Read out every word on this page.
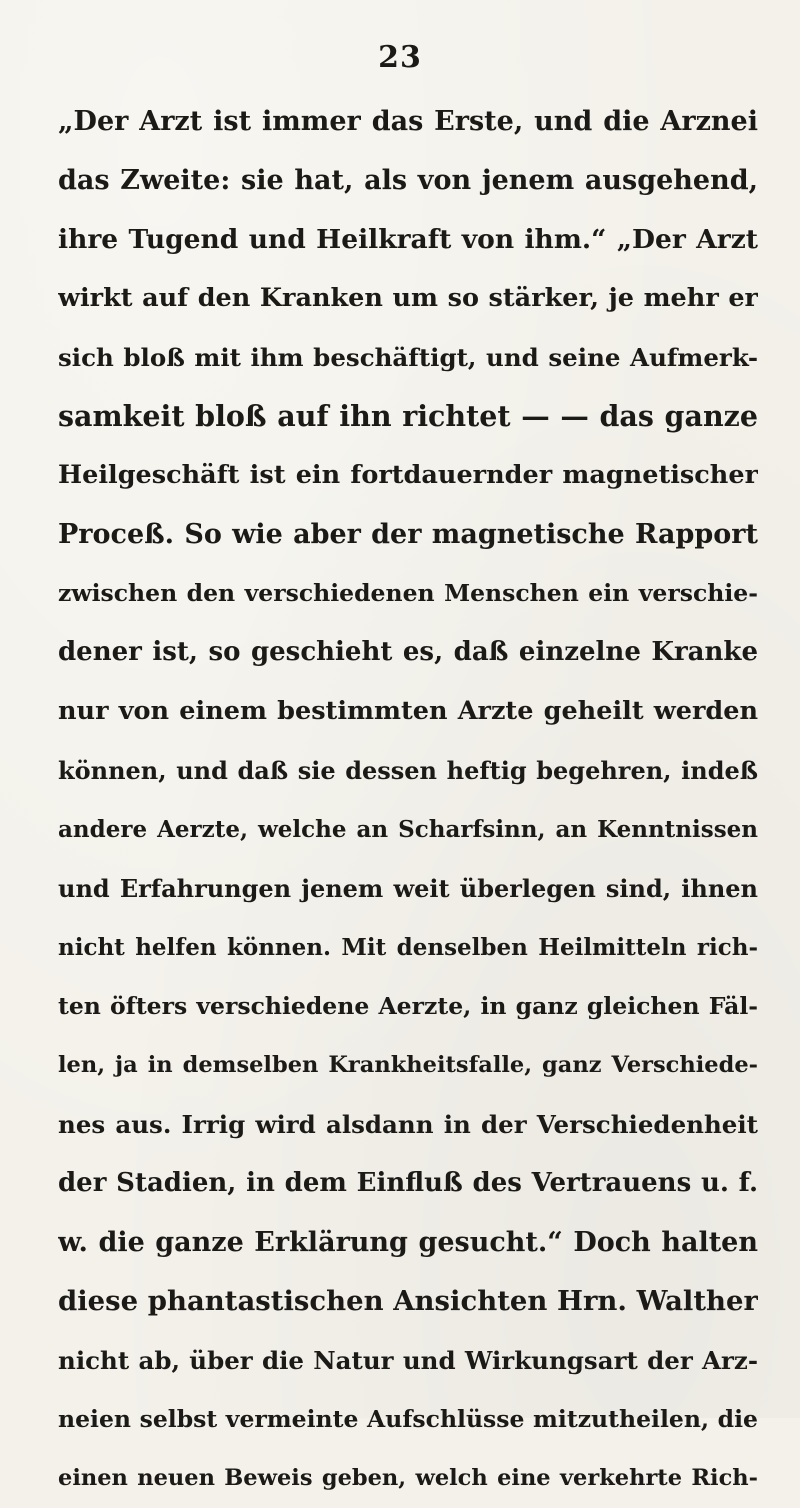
23
„Der Arzt ist immer das Erste, und die Arznei
das Zweite: sie hat, als von jenem ausgehend,
ihre Tugend und Heilkraft von ihm.“ „Der Arzt
wirkt auf den Kranken um so stärker, je mehr er
sich bloß mit ihm beschäftigt, und seine Aufmerk-
samkeit bloß auf ihn richtet — — das ganze
Heilgeschäft ist ein fortdauernder magnetischer
Proceß. So wie aber der magnetische Rapport
zwischen den verschiedenen Menschen ein verschie-
dener ist, so geschieht es, daß einzelne Kranke
nur von einem bestimmten Arzte geheilt werden
können, und daß sie dessen heftig begehren, indeß
andere Aerzte, welche an Scharfsinn, an Kenntnissen
und Erfahrungen jenem weit überlegen sind, ihnen
nicht helfen können. Mit denselben Heilmitteln rich-
ten öfters verschiedene Aerzte, in ganz gleichen Fäl-
len, ja in demselben Krankheitsfalle, ganz Verschiede-
nes aus. Irrig wird alsdann in der Verschiedenheit
der Stadien, in dem Einfluß des Vertrauens u. f.
w. die ganze Erklärung gesucht.“ Doch halten
diese phantastischen Ansichten Hrn. Walther
nicht ab, über die Natur und Wirkungsart der Arz-
neien selbst vermeinte Aufschlüsse mitzutheilen, die
einen neuen Beweis geben, welch eine verkehrte Rich-
